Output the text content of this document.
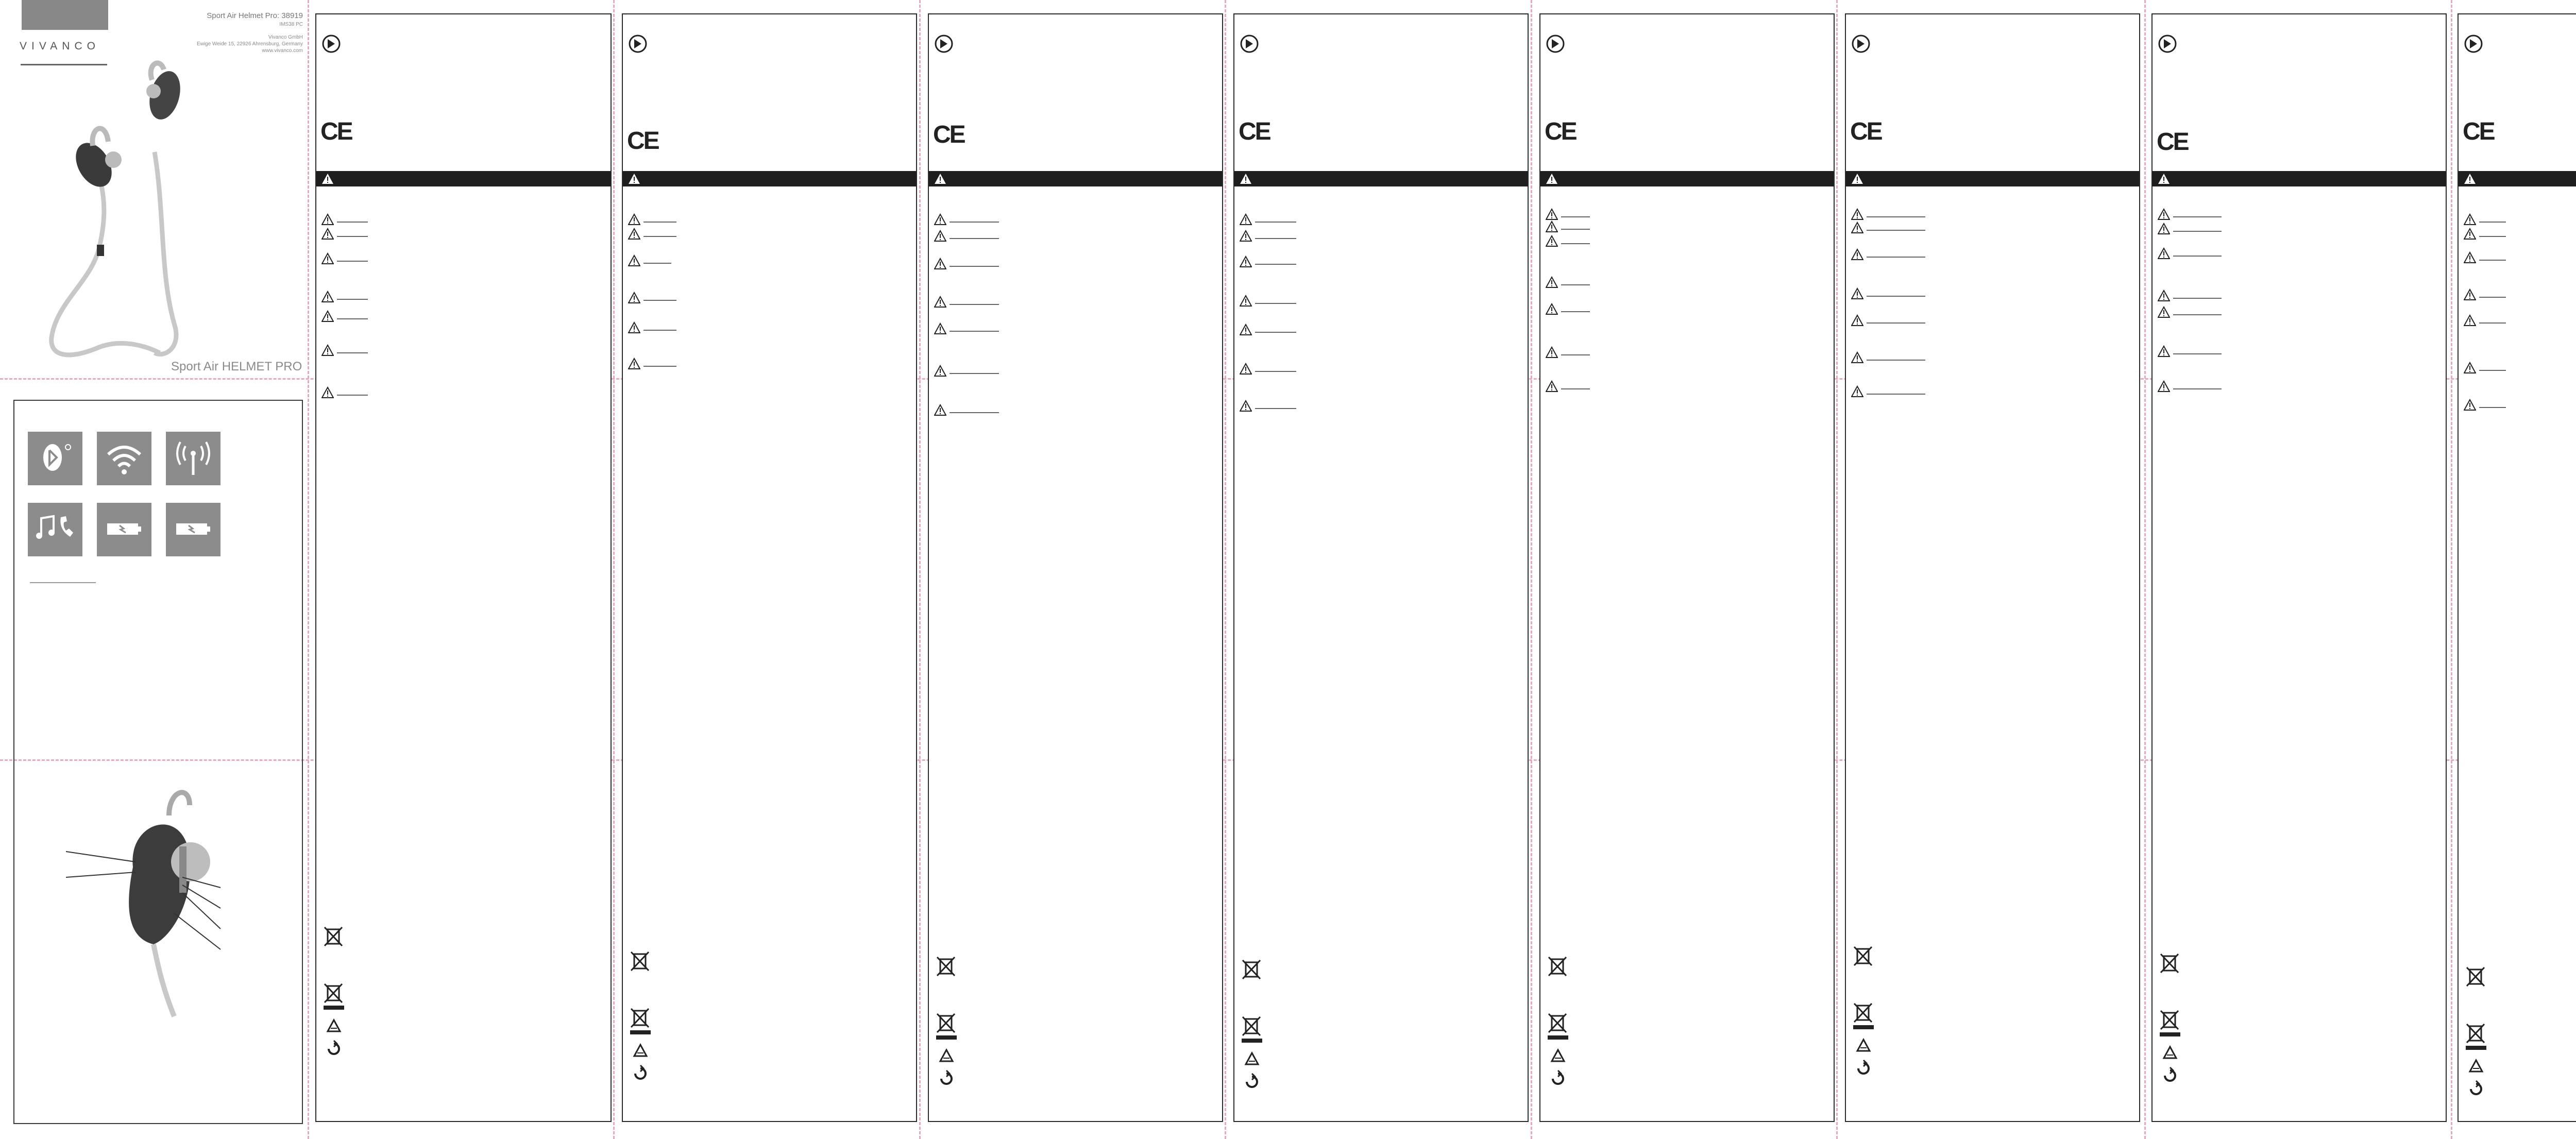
VIVANCO
Sport Air Helmet Pro: 38919
IMS38 PC
Vivanco GmbH
Ewige Weide 15, 22926 Ahrensburg, Germany
www.vivanco.com
Sport Air HELMET PRO
CE	CE	CE	CE	CE	CE	CE	CE
